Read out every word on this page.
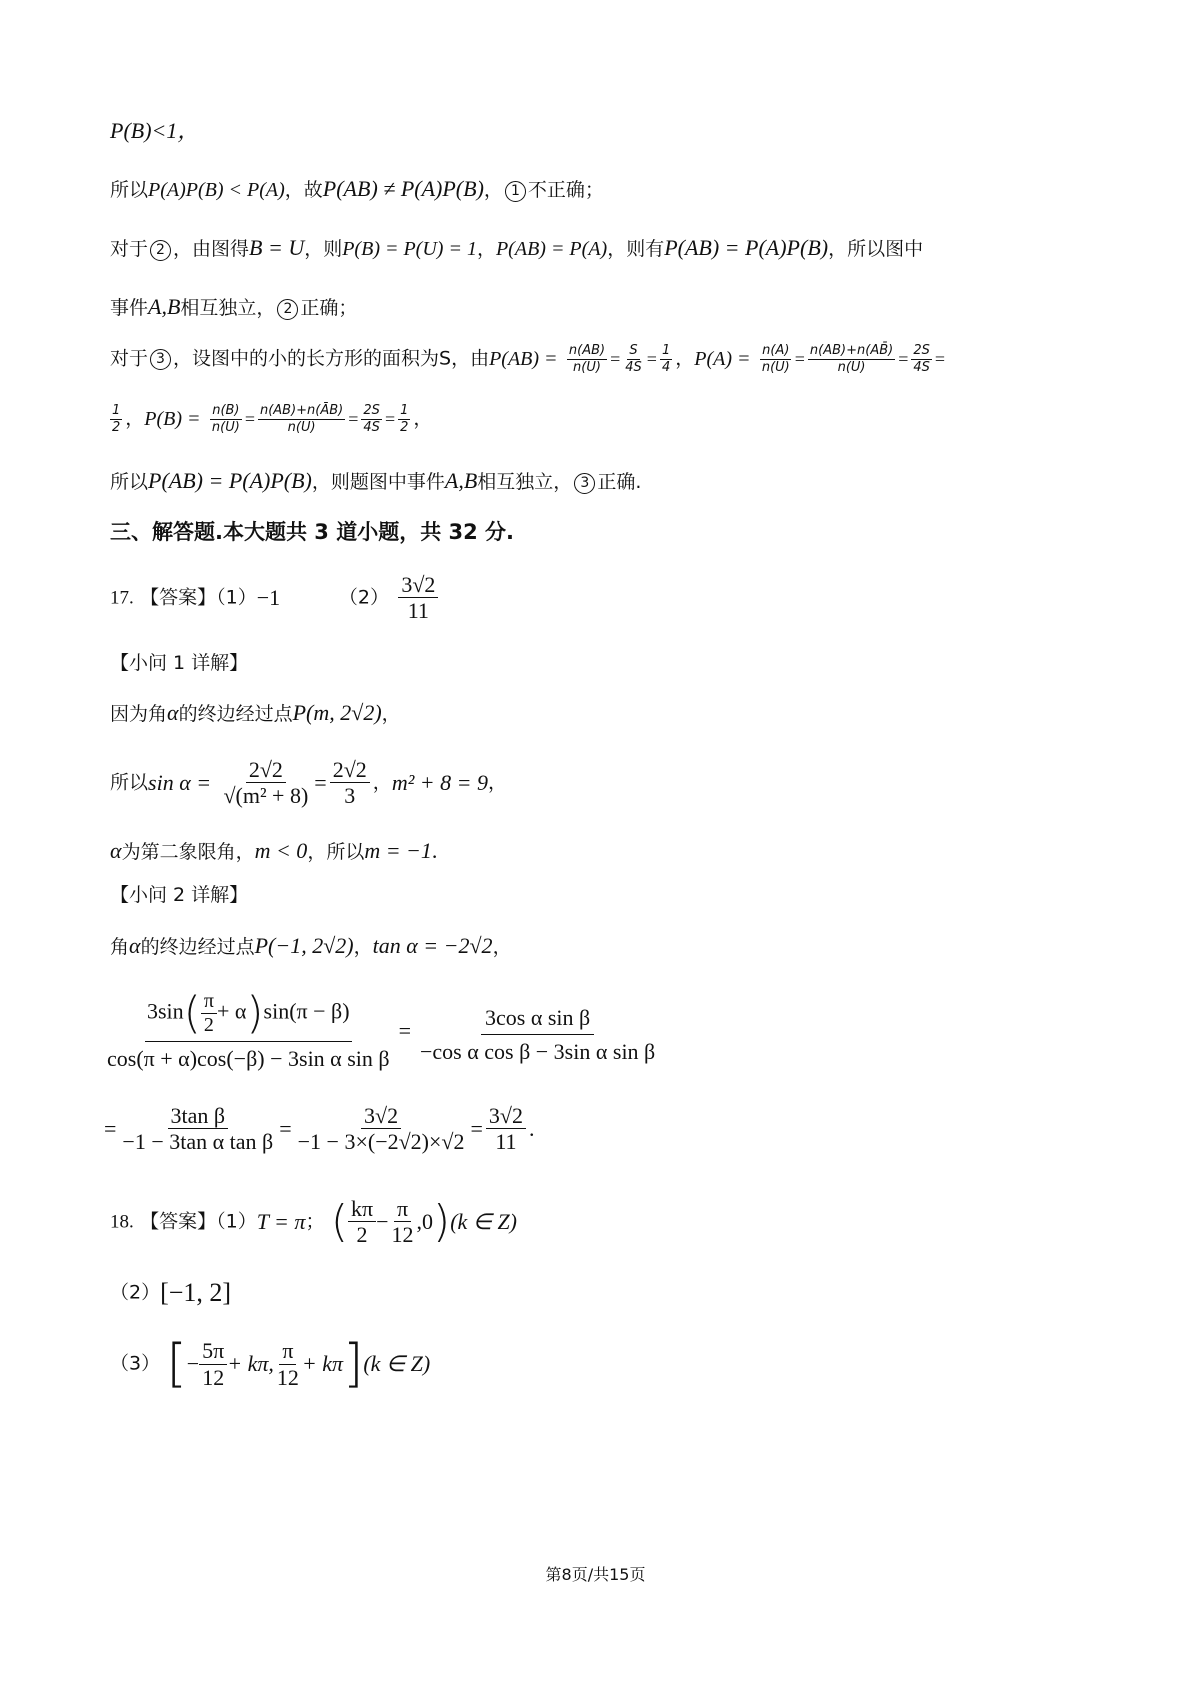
P(B)<1，
所以P(A)P(B) < P(A)，故P(AB) ≠ P(A)P(B)， 1 不正确；
对于 2 ，由图得B = U，则P(B) = P(U) = 1，P(AB) = P(A)，则有P(AB) = P(A)P(B)，所以图中
事件A,B相互独立， 2 正确；
对于 3 ，设图中的小的长方形的面积为S，由$P(AB) = \frac{n(AB)}{n(U)} = \frac{S}{4S} = \frac{1}{4}$ ，$P(A) = \frac{n(A)}{n(U)} = \frac{n(AB)+n(AB̄)}{n(U)} = \frac{2S}{4S}$ =
$\frac{1}{2}$ ，$P(B) = \frac{n(B)}{n(U)} = \frac{n(AB)+n(ĀB)}{n(U)} = \frac{2S}{4S} = \frac{1}{2}$ ，
所以P(AB) = P(A)P(B)，则题图中事件A,B相互独立， 3 正确.
三、解答题.本大题共 3 道小题，共 32 分.
17. 【答案】（1）−1	$(2) \frac{3√2}{11}$
【小问 1 详解】
因为角α的终边经过点P(m, 2√2)，
所以$\sin \alpha = \frac{2√2}{\text{√(m² + 8)}} = \frac{2√2}{3}$ ，m² + 8 = 9，
α为第二象限角，m < 0，所以m = −1.
【小问 2 详解】
角α的终边经过点P(−1, 2√2)，tan α = −2√2，
$\frac{3\sin( \frac{\pi}{2} + \alpha)\sin(\pi - \beta)}{\text{cos(π + α)cos(−β) − 3sin α sin β}} = \frac{\text{3cos α sin β}}{\text{−cos α cos β − 3sin α sin β}}$
= $\frac{\text{3tan β}}{\text{−1 − 3tan α tan β}} = \frac{3√2}{-1 - 3\times(-2√2)\times√2} = \frac{3√2}{11}$ .
18. 【答案】（1）T = π； ( $\frac{k\pi}{2} - \frac{\pi}{12} ,0)(k$ ∈ Z)
（2）[−1, 2]
（3） [− $\frac{5\pi}{12} + k\pi$, $\frac{\pi}{12} + k\pi](k$ ∈ Z)
第8页/共15页
